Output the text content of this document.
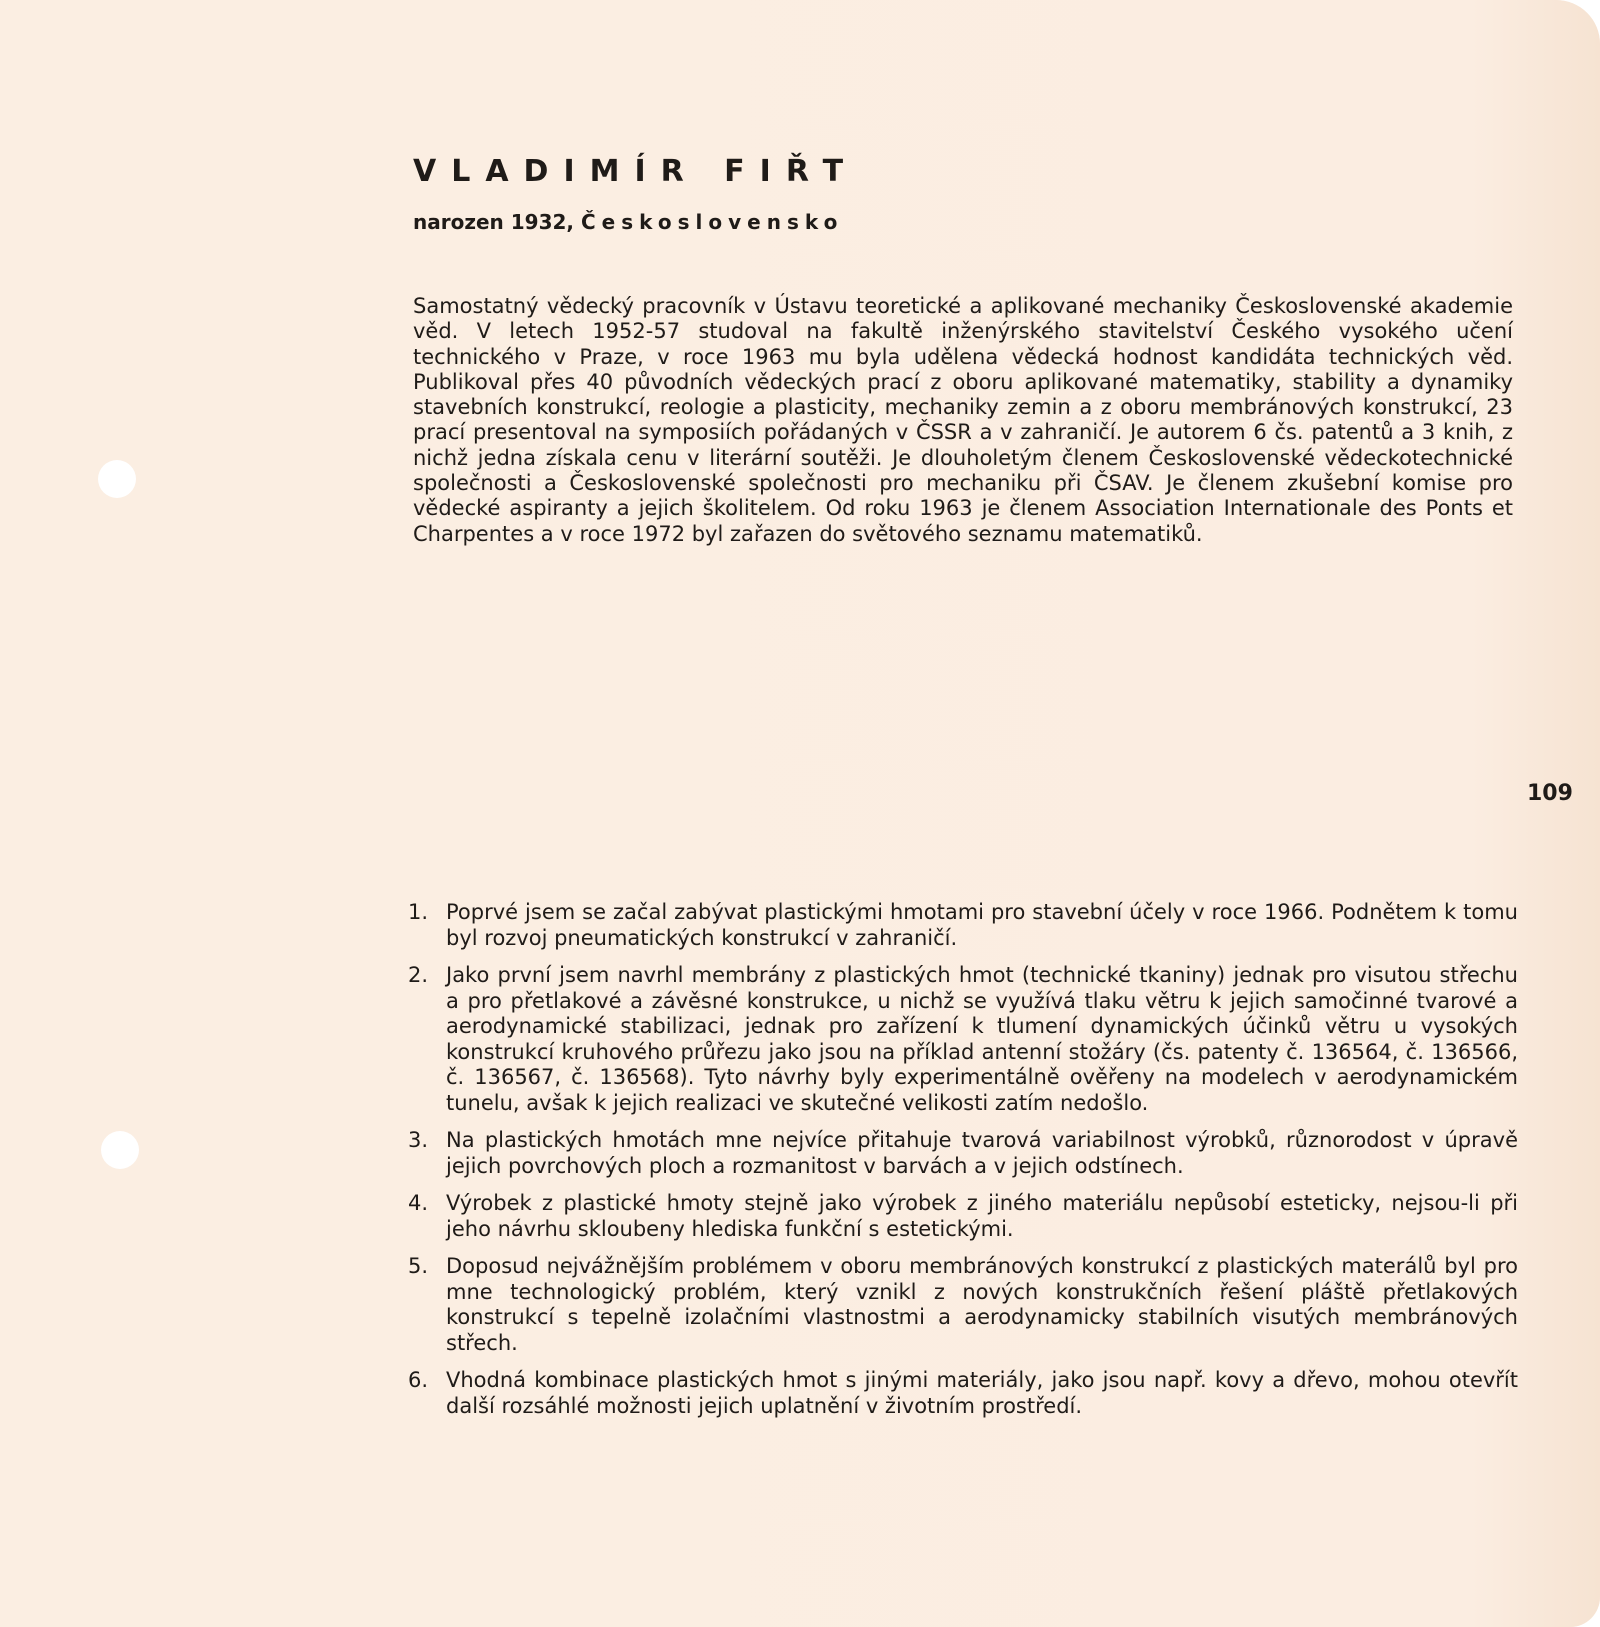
VLADIMÍR FIŘT

narozen 1932, Československo

Samostatný vědecký pracovník v Ústavu teoretické a aplikované mechaniky Československé akademie věd. V letech 1952-57 studoval na fakultě inženýrského stavitelství Českého vysokého učení technického v Praze, v roce 1963 mu byla udělena vědecká hodnost kandidáta technických věd. Publikoval přes 40 původních vědeckých prací z oboru aplikované matematiky, stability a dynamiky stavebních konstrukcí, reologie a plasticity, mechaniky zemin a z oboru membránových konstrukcí, 23 prací presentoval na symposiích pořádaných v ČSSR a v zahraničí. Je autorem 6 čs. patentů a 3 knih, z nichž jedna získala cenu v literární soutěži. Je dlouholetým členem Československé vědeckotechnické společnosti a Československé společnosti pro mechaniku při ČSAV. Je členem zkušební komise pro vědecké aspiranty a jejich školitelem. Od roku 1963 je členem Association Internationale des Ponts et Charpentes a v roce 1972 byl zařazen do světového seznamu matematiků.

109

1. Poprvé jsem se začal zabývat plastickými hmotami pro stavební účely v roce 1966. Podnětem k tomu byl rozvoj pneumatických konstrukcí v zahraničí.
2. Jako první jsem navrhl membrány z plastických hmot (technické tkaniny) jednak pro visutou střechu a pro přetlakové a závěsné konstrukce, u nichž se využívá tlaku větru k jejich samočinné tvarové a aerodynamické stabilizaci, jednak pro zařízení k tlumení dynamických účinků větru u vysokých konstrukcí kruhového průřezu jako jsou na příklad antenní stožáry (čs. patenty č. 136564, č. 136566, č. 136567, č. 136568). Tyto návrhy byly experimentálně ověřeny na modelech v aerodynamickém tunelu, avšak k jejich realizaci ve skutečné velikosti zatím nedošlo.
3. Na plastických hmotách mne nejvíce přitahuje tvarová variabilnost výrobků, různorodost v úpravě jejich povrchových ploch a rozmanitost v barvách a v jejich odstínech.
4. Výrobek z plastické hmoty stejně jako výrobek z jiného materiálu nepůsobí esteticky, nejsou-li při jeho návrhu skloubeny hlediska funkční s estetickými.
5. Doposud nejvážnějším problémem v oboru membránových konstrukcí z plastických materálů byl pro mne technologický problém, který vznikl z nových konstrukčních řešení pláště přetlakových konstrukcí s tepelně izolačními vlastnostmi a aerodynamicky stabilních visutých membránových střech.
6. Vhodná kombinace plastických hmot s jinými materiály, jako jsou např. kovy a dřevo, mohou otevřít další rozsáhlé možnosti jejich uplatnění v životním prostředí.
